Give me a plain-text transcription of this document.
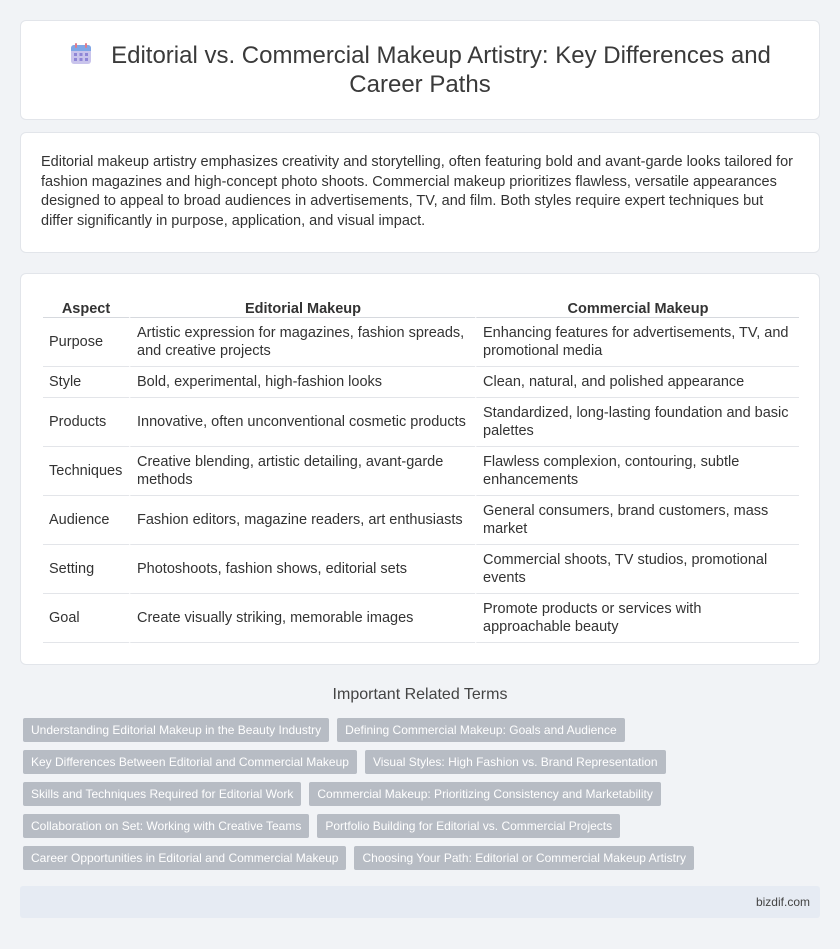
Editorial vs. Commercial Makeup Artistry: Key Differences and Career Paths

Editorial makeup artistry emphasizes creativity and storytelling, often featuring bold and avant-garde looks tailored for fashion magazines and high-concept photo shoots. Commercial makeup prioritizes flawless, versatile appearances designed to appeal to broad audiences in advertisements, TV, and film. Both styles require expert techniques but differ significantly in purpose, application, and visual impact.

Aspect	Editorial Makeup	Commercial Makeup
Purpose	Artistic expression for magazines, fashion spreads, and creative projects	Enhancing features for advertisements, TV, and promotional media
Style	Bold, experimental, high-fashion looks	Clean, natural, and polished appearance
Products	Innovative, often unconventional cosmetic products	Standardized, long-lasting foundation and basic palettes
Techniques	Creative blending, artistic detailing, avant-garde methods	Flawless complexion, contouring, subtle enhancements
Audience	Fashion editors, magazine readers, art enthusiasts	General consumers, brand customers, mass market
Setting	Photoshoots, fashion shows, editorial sets	Commercial shoots, TV studios, promotional events
Goal	Create visually striking, memorable images	Promote products or services with approachable beauty
Important Related Terms
Understanding Editorial Makeup in the Beauty Industry	Defining Commercial Makeup: Goals and Audience
Key Differences Between Editorial and Commercial Makeup	Visual Styles: High Fashion vs. Brand Representation
Skills and Techniques Required for Editorial Work	Commercial Makeup: Prioritizing Consistency and Marketability
Collaboration on Set: Working with Creative Teams	Portfolio Building for Editorial vs. Commercial Projects
Career Opportunities in Editorial and Commercial Makeup	Choosing Your Path: Editorial or Commercial Makeup Artistry
bizdif.com
